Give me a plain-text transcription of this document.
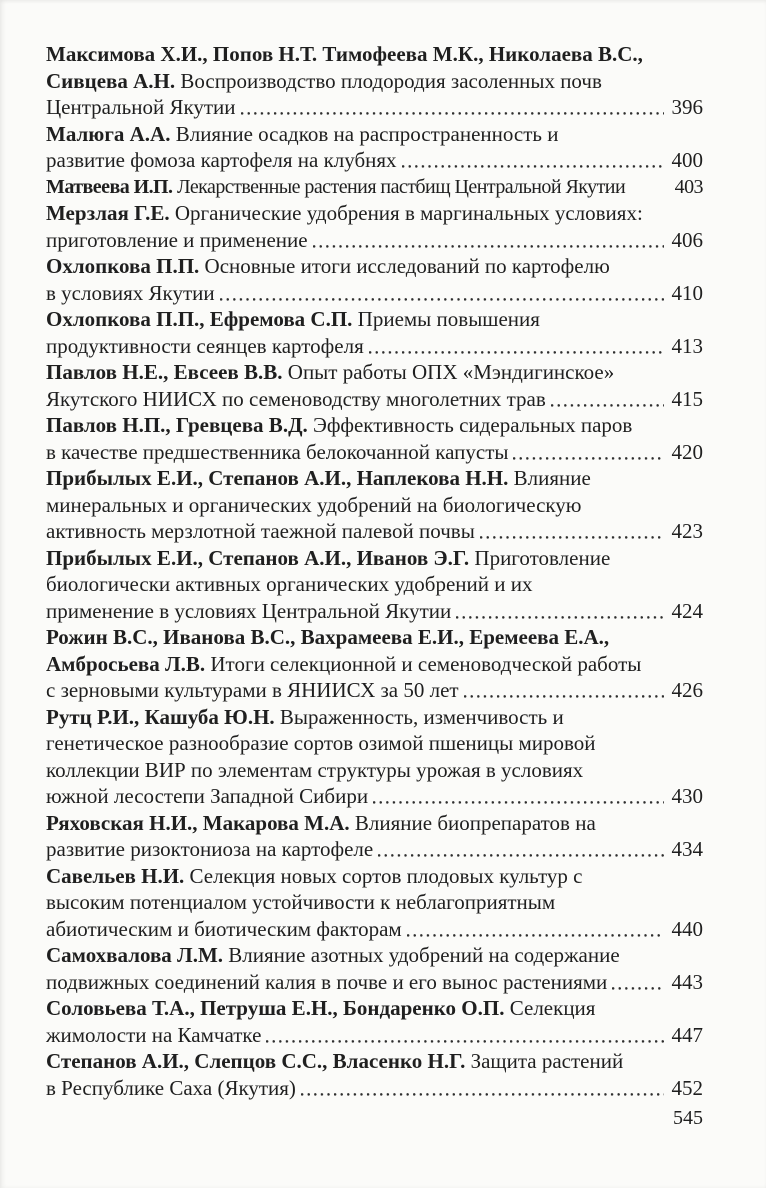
Максимова Х.И., Попов Н.Т. Тимофеева М.К., Николаева В.С.,
Сивцева А.Н. Воспроизводство плодородия засоленных почв
Центральной Якутии	396
Малюга А.А. Влияние осадков на распространенность и
развитие фомоза картофеля на клубнях	400
Матвеева И.П. Лекарственные растения пастбищ Центральной Якутии 403
Мерзлая Г.Е. Органические удобрения в маргинальных условиях:
приготовление и применение	406
Охлопкова П.П. Основные итоги исследований по картофелю
в условиях Якутии	410
Охлопкова П.П., Ефремова С.П. Приемы повышения
продуктивности сеянцев картофеля	413
Павлов Н.Е., Евсеев В.В. Опыт работы ОПХ «Мэндигинское»
Якутского НИИСХ по семеноводству многолетних трав	415
Павлов Н.П., Гревцева В.Д. Эффективность сидеральных паров
в качестве предшественника белокочанной капусты	420
Прибылых Е.И., Степанов А.И., Наплекова Н.Н. Влияние
минеральных и органических удобрений на биологическую
активность мерзлотной таежной палевой почвы	423
Прибылых Е.И., Степанов А.И., Иванов Э.Г. Приготовление
биологически активных органических удобрений и их
применение в условиях Центральной Якутии	424
Рожин В.С., Иванова В.С., Вахрамеева Е.И., Еремеева Е.А.,
Амбросьева Л.В. Итоги селекционной и семеноводческой работы
с зерновыми культурами в ЯНИИСХ за 50 лет	426
Рутц Р.И., Кашуба Ю.Н. Выраженность, изменчивость и
генетическое разнообразие сортов озимой пшеницы мировой
коллекции ВИР по элементам структуры урожая в условиях
южной лесостепи Западной Сибири	430
Ряховская Н.И., Макарова М.А. Влияние биопрепаратов на
развитие ризоктониоза на картофеле	434
Савельев Н.И. Селекция новых сортов плодовых культур с
высоким потенциалом устойчивости к неблагоприятным
абиотическим и биотическим факторам	440
Самохвалова Л.М. Влияние азотных удобрений на содержание
подвижных соединений калия в почве и его вынос растениями	443
Соловьева Т.А., Петруша Е.Н., Бондаренко О.П. Селекция
жимолости на Камчатке	447
Степанов А.И., Слепцов С.С., Власенко Н.Г. Защита растений
в Республике Саха (Якутия)	452
545
